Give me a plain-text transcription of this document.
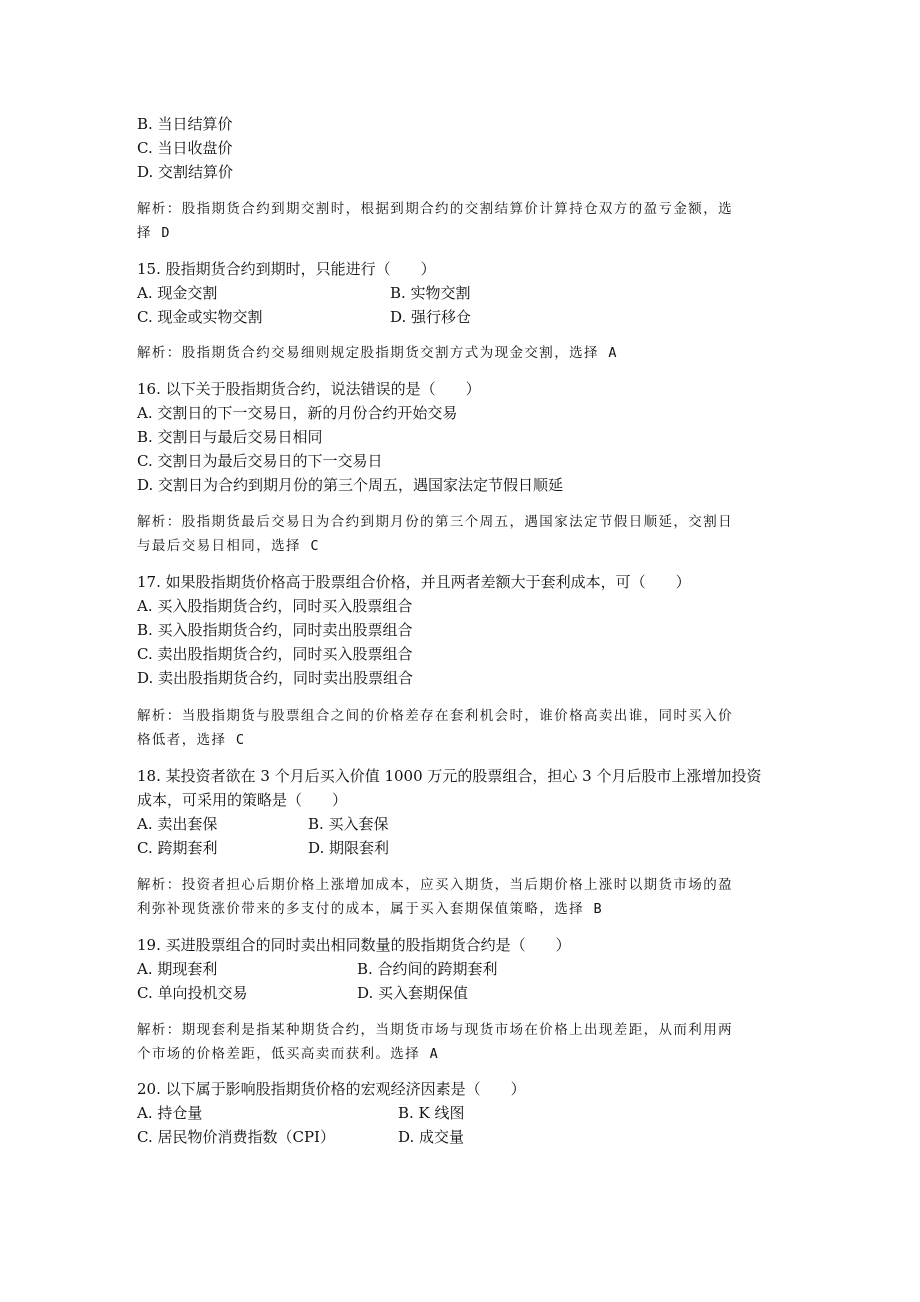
B. 当日结算价
C. 当日收盘价
D. 交割结算价
解析：股指期货合约到期交割时，根据到期合约的交割结算价计算持仓双方的盈亏金额，选
择 D
15. 股指期货合约到期时，只能进行（　　）
A. 现金交割	B. 实物交割
C. 现金或实物交割	D. 强行移仓
解析：股指期货合约交易细则规定股指期货交割方式为现金交割，选择 A
16. 以下关于股指期货合约，说法错误的是（　　）
A. 交割日的下一交易日，新的月份合约开始交易
B. 交割日与最后交易日相同
C. 交割日为最后交易日的下一交易日
D. 交割日为合约到期月份的第三个周五，遇国家法定节假日顺延
解析：股指期货最后交易日为合约到期月份的第三个周五，遇国家法定节假日顺延，交割日
与最后交易日相同，选择 C
17. 如果股指期货价格高于股票组合价格，并且两者差额大于套利成本，可（　　）
A. 买入股指期货合约，同时买入股票组合
B. 买入股指期货合约，同时卖出股票组合
C. 卖出股指期货合约，同时买入股票组合
D. 卖出股指期货合约，同时卖出股票组合
解析：当股指期货与股票组合之间的价格差存在套利机会时，谁价格高卖出谁，同时买入价
格低者，选择 C
18. 某投资者欲在 3 个月后买入价值 1000 万元的股票组合，担心 3 个月后股市上涨增加投资
成本，可采用的策略是（　　）
A. 卖出套保	B. 买入套保
C. 跨期套利	D. 期限套利
解析：投资者担心后期价格上涨增加成本，应买入期货，当后期价格上涨时以期货市场的盈
利弥补现货涨价带来的多支付的成本，属于买入套期保值策略，选择 B
19. 买进股票组合的同时卖出相同数量的股指期货合约是（　　）
A. 期现套利	B. 合约间的跨期套利
C. 单向投机交易	D. 买入套期保值
解析：期现套利是指某种期货合约，当期货市场与现货市场在价格上出现差距，从而利用两
个市场的价格差距，低买高卖而获利。选择 A
20. 以下属于影响股指期货价格的宏观经济因素是（　　）
A. 持仓量	B. K 线图
C. 居民物价消费指数（CPI）	D. 成交量
